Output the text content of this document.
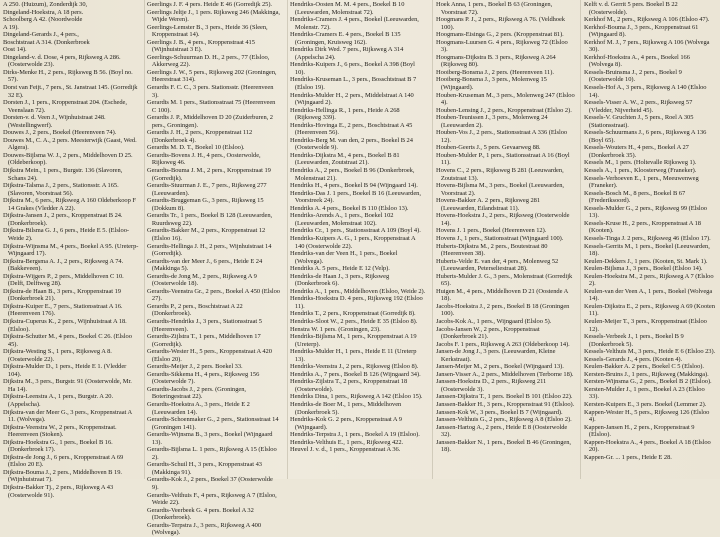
A 250. (Huizum), Zonderdijk 30,

Dingeland-Hoekstra, A 18 pers.

Schoolberg A 42. (Noordwolde

A 19).

Dingeland-Gerards J., 4 pers.,

Boschtstraat A 314. (Donkerbroek

Oost 14).

Dingeland-v. d. Dose, 4 pers, Rijksweg A 286. (Oosterwolde 23).

Dirks-Menke H., 2 pers., Rijksweg B 56. (Boyl no. 57).

Dorst van Feijt., 7 pers., St. Janstraat 145. (Gorredijk 32 E).

Dorsten J., 1 pers., Kroppenstraat 204. (Eschede, Veenslaan 72).

Dorsten-v. d. Veen J., Wijnhuistraat 248. (Westellingwerf).

Douwes J., 2 pers., Boekel (Heerenveen 74).

Douwes M., C. A., 2 pers. Meesterwijk (Gaast, Wed. Algera).

Douwes-Bijlsma W. J., 2 pers., Middelhoven D 25. (Oldeberkoop).

Dijkstra Mein., 1 pers., Burgstr. 136 (Slavoren, Schans 24).

Dijkstra-Talsma J., 2 pers., Stationsstr. A 165. (Slavoren, Voorstraat 56).

Dijkstra M., 6 pers., Rijksweg A 160 Oldeberkoop F 14 Grakes (Vledder A 22).

Dijkstra-Jansen J., 2 pers., Kroppenstraat B 24. (Donkerbroek).

Dijkstra-Bilsma G. J., 6 pers., Heide E 5. (Elsloo-Weide 2).

Dijkstra-Wijnsma M., 4 pers., Boekel A 95. (Ureterp-Wijngaard 17).

Dijkstra-Bergsma A. J., 2 pers., Rijksweg A 74. (Bakkeveen).

Dijkstra-Wijgers P., 2 pers., Middelhoven C 10. (Delft, Delftweg 28).

Dijkstra-de Haan B., 3 pers., Kroppenstraat 19 (Donkerbroek 21).

Dijkstra-Kuiper E., 7 pers., Stationsstraat A 16. (Heerenveen 176).

Dijkstra-Cuperus K., 2 pers., Wijnhuistraat A 18. (Elsloo).

Dijkstra-Schutter M., 4 pers., Boekel C 26. (Elsloo 45).

Dijkstra-Westing S., 1 pers., Rijksweg A 8. (Oosterwolde 22).

Dijkstra-Mulder D., 1 pers., Heide E 1. (Vledder 104).

Dijkstra M., 3 pers., Burgstr. 91 (Oosterwolde, Mr. Ha 14).

Dijkstra-Leenstra A., 1 pers., Burgstr. A 20. (Appelscha).

Dijkstra-van der Meer G., 3 pers., Kroppenstraat A 11. (Wolvega).

Dijkstra-Veenstra W., 2 pers., Kroppenstraat. Heerenveen (Stoken).

Dijkstra-Hoekstra G., 1 pers., Boekel B 16. (Donkerbroek 17).

Dijkstra-de Jong J., 6 pers., Kroppenstraat A 69 (Elsloo 20 E).

Dijkstra-Bouma J., 2 pers., Middelhoven B 19. (Wijnhuistraat 7).

Dijkstra-Bakker Tj., 2 pers., Rijksweg A 43 (Oosterwolde 91).

Geerlings J. F. 4 pers. Heide E 46 (Gorredijk 25).

Geerlings Jeltje J., 1 pers. Rijksweg 246 (Makkinga, Wijde Weren).

Geerlings-Lemster B., 3 pers., Heide 36 (Sleen, Kroppenstraat 14).

Geerlings J. B., 4 pers., Kroppenstraat 415 (Wijnhuistraat 3 E).

Geerlings-Schuurman D. H., 2 pers., 77 (Elsloo, Akkerweg 22).

Geerlings J. W., 5 pers., Rijksweg 202 (Groningen, Heerestraat 314).

Gerardts F. C. C., 3 pers. Stationsstr. (Heerenveen 3).

Gerardts M. 1 pers., Stationsstraat 75 (Heerenveen C 100).

Gerardts J. P., Middelhoven D 20 (Zuiderburen, 2 pers., Groningen).

Gerardts J. H., 2 pers., Kroppenstraat 112 (Donkerbroek 4).

Gerardts M. D. T., Boekel 10 (Elsloo).

Gerardts-Bovens J. H., 4 pers., Oosterwolde, Rijksweg 46.

Gerardts-Bouma J. M., 2 pers., Kroppenstraat 19 (Gorredijk).

Gerardts-Stuurman J. E., 7 pers., Rijksweg 277 (Leeuwarden).

Gerardts-Bruggeman G., 3 pers., Rijksweg 15 (Dokkum 8).

Gerardts Tr., 1 pers., Boekel B 128 (Leeuwarden, Ruurdsweg 22).

Gerardts-Bakker M., 2 pers., Kroppenstraat 12 (Elsloo 16).

Gerardts-Hellinga J. H., 2 pers., Wijnhuistraat 14 (Gorredijk).

Gerardts-van der Meer J., 6 pers., Heide E 24 (Makkinga 5).

Gerardts-de Jong M., 2 pers., Rijksweg A 9 (Oosterwolde 18).

Gerardts-Veenstra Gr., 2 pers., Boekel A 450 (Elsloo 27).

Gerardts P., 2 pers., Boschtstraat A 22 (Donkerbroek).

Gerardts-Hendriks J., 3 pers., Stationsstraat 5 (Heerenveen).

Gerardts-Zijlstra T., 1 pers., Middelhoven 17 (Gorredijk).

Gerardts-Wester H., 5 pers., Kroppenstraat A 420 (Elsloo 20).

Gerardts-Meijer J., 2 pers. Boekel 33.

Gerardts-Sikkema H., 4 pers., Rijksweg 156 (Oosterwolde 7).

Gerardts-Jacobs J., 2 pers. (Groningen, Boteringestraat 22).

Gerardts-Hoekstra A., 3 pers., Heide E 2 (Leeuwarden 14).

Gerardts-Schoenmaker G., 2 pers., Stationsstraat 14 (Groningen 141).

Gerardts-Wijnsma B., 3 pers., Boekel (Wijngaard 13).

Gerardts-Bijlsma L. 1 pers., Rijksweg A 15 (Elsloo 2).

Gerardts-Schuil H., 3 pers., Kroppenstraat 43 (Makkinga 91).

Gerardts-Kok J., 2 pers., Boekel 37 (Oosterwolde 9).

Gerardts-Velthuis F., 4 pers., Rijksweg A 7 (Elsloo, Weide 22).

Gerardts-Veerbeek G. 4 pers. Boekel A 32 (Donkerbroek).

Gerardts-Terpstra J., 3 pers., Rijksweg A 400 (Wolvega).

Hendriks-Oosten M. M. 4 pers., Boekel B 10 (Leeuwarden, Molenstraat 72).

Hendriks-Cramers J. 4 pers., Boekel (Leeuwarden, Molenstr. 72).

Hendriks-Cramers E. 4 pers., Boekel B 135 (Groningen, Kruisweg 162).

Hendriks Dirk Wed. 7 pers., Rijksweg A 314 (Appelscha 24).

Hendriks-Kuipers J., 6 pers., Boekel A 398 (Boyl 10).

Hendriks-Kruseman L., 3 pers., Bosschtstraat B 7 (Elsloo 19).

Hendriks-Mulder H., 2 pers., Middelstraat A 140 (Wijngaard 2).

Hendriks-Hellinga R., 1 pers., Heide A 268 (Rijksweg 339).

Hendriks-Hovinga E., 2 pers., Boschtstraat A 45 (Heerenveen 56).

Hendriks-Berg M. van den, 2 pers., Boekel B 24 (Oosterwolde 9).

Hendriks-Dijkstra M., 4 pers., Boekel B 81 (Leeuwarden, Zoutstraat 21).

Hendriks A., 2 pers., Boekel B 96 (Donkerbroek, Molenstraat 21).

Hendriks H., 4 pers., Boekel B 94 (Wijngaard 14).

Hendriks-Das J. 1 pers., Boekel B 16 (Leeuwarden, Voorstreek 24).

Hendriks A. 4 pers., Boekel B 110 (Elsloo 13).

Hendriks-Arends A., 1 pers., Boekel 102 (Leeuwarden, Molenstraat 102).

Hendriks Cr., 1 pers., Stationsstraat A 109 (Boyl 4).

Hendriks-Kuipers A. G., 1 pers., Kroppenstraat A 140 (Oosterwolde 22).

Hendriks-van der Veen H., 1 pers., Boekel (Wolvega).

Hendriks A. 5 pers., Heide E 12 (Velp).

Hendriks-de Haan J., 3 pers., Rijksweg (Donkerbroek 6).

Hendriks A., 1 pers., Middelhoven (Elsloo, Weide 2).

Hendriks-Hoekstra D. 4 pers., Rijksweg 192 (Elsloo 11).

Hendriks T., 2 pers., Kroppenstraat (Gorredijk 8).

Hendriks-Sloot W., 2 pers., Heide E 35 (Elsloo 8).

Henstra W. 1 pers. (Groningen, 23).

Hendriks-Bijlsma M., 1 pers., Kroppenstraat A 19 (Ureterp).

Hendriks-Mulder H., 1 pers., Heide E 11 (Ureterp 13).

Hendriks-Veenstra J., 2 pers., Rijksweg (Elsloo 8).

Hendriks A., 7 pers., Boekel B 126 (Wijngaard 34).

Hendriks-Zijlstra T., 2 pers., Kroppenstraat 18 (Oosterwolde).

Hendriks Dina, 1 pers., Rijksweg A 142 (Elsloo 15).

Hendriks-de Boer M., 1 pers., Middelhoven (Donkerbroek 5).

Hendriks-Kok G. 2 pers., Kroppenstraat A 9 (Wijngaard).

Hendriks-Terpstra J., 1 pers., Boekel A 19 (Elsloo).

Hendriks-Velthuis E., 1 pers., Rijksweg 422.

Heuvel J. v. d., 1 pers., Kroppenstraat A 36.

Hoek Anna, 1 pers., Boekel B 63 (Groningen, Voorstraat 72).

Hoogmans P. J., 2 pers., Rijksweg A 76. (Veldhoek 100).

Hoogmans-Eisinga G., 2 pers. (Kroppenstraat 81).

Hoogmans-Luursen G. 4 pers., Rijksweg 72 (Elsloo 3).

Hoogmans-Dijkstra B. 3 pers., Rijksweg A 264 (Rijksweg 80).

Hooiberg-Bonsma J., 2 pers. (Heerenveen 11).

Hooiberg-Bonsma J., 3 pers., Molenweg 15 (Wijngaard).

Houben-Kruseman M., 3 pers., Molenweg 247 (Elsloo 4).

Houben-Lensing J., 2 pers., Kroppenstraat (Elsloo 2).

Houben-Teunissen J., 3 pers., Molenweg 24 (Leeuwarden 2).

Houben-Vos J., 2 pers., Stationsstraat A 336 (Elsloo 12).

Houben-Geerts J., 5 pers. Gevaarweg 88.

Houben-Mulder P., 1 pers., Stationsstraat A 16 (Boyl 11).

Hovens C., 2 pers., Rijksweg B 281 (Leeuwarden, Zoutstraat 13).

Hovens-Bijlsma M., 3 pers., Boekel (Leeuwarden, Voorstraat 2).

Hovens-Bakker A. 2 pers., Rijksweg 281 (Leeuwarden, Eilandstraat 11).

Hovens-Hoekstra J., 2 pers., Rijksweg (Oosterwolde 14).

Hovens J. 1 pers., Boekel (Heerenveen 12).

Hovens J., 1 pers., Stationsstraat (Wijngaard 100).

Huberts-Dijkstra M., 2 pers., Boutestraat 80 (Heerenveen 38).

Huberts-Velde E. van der, 4 pers., Molenweg 52 (Leeuwarden, Peterseliestraat 28).

Huberts-Mulder J. G., 3 pers., Molenstraat (Gorredijk 65).

Huigen M., 4 pers., Middelhoven D 21 (Oostende A 18).

Jacobs-Hoekstra J., 2 pers., Boekel B 18 (Groningen 100).

Jacobs-Kok A., 1 pers., Wijngaard (Elsloo 5).

Jacobs-Jansen W., 2 pers., Kroppenstraat (Donkerbroek 21).

Jacobs F. 1 pers., Rijksweg A 263 (Oldeberkoop 14).

Jansen-de Jong J., 3 pers. (Leeuwarden, Kleine Kerkstraat).

Jansen-Meijer M., 2 pers., Boekel (Wijngaard 13).

Jansen-Visser A., 2 pers., Middelhoven (Terborne 18).

Janssen-Hoekstra D., 2 pers., Rijksweg 211 (Oosterwolde 3).

Janssen-Dijkstra T., 1 pers. Boekel B 101 (Elsloo 22).

Janssen-Bakker H., 3 pers., Kroppenstraat 91 (Elsloo).

Janssen-Kok W., 3 pers., Boekel B 7 (Wijngaard).

Janssen-Velthuis G., 2 pers., Rijksweg A 8 (Elsloo 2).

Janssen-Hartog A., 2 pers., Heide E 8 (Oosterwolde 32).

Janssen-Bakker N., 1 pers., Boekel B 46 (Groningen, 18).

Kelft v. d. Gerrit 5 pers. Boekel B 22 (Oosterwolde).

Kerkhof M., 2 pers., Rijksweg A 106 (Elsloo 47).

Kerkhof-Bouma J., 3 pers., Kroppenstraat 61 (Wijngaard 8).

Kerkhof M. J., 7 pers., Rijksweg A 106 (Wolvega 30).

Kerkhof-Hoekstra A., 4 pers., Boekel 166 (Wolvega 8).

Kessels-Bruinsma J., 2 pers., Boekel 9 (Oosterwolde 10).

Kessels-Hof A., 3 pers., Rijksweg A 140 (Elsloo 14).

Kessels-Visser A. W., 2 pers., Rijksweg 57 (Vledder, Nijverheid 45).

Kessels-V. Gruchten J., 5 pers., Roel A 305 (Stationsstraat).

Kessels-Schuurmans J., 6 pers., Rijksweg A 136 (Boyl 65).

Kessels-Wouters H., 4 pers., Boekel A 27 (Donkerbroek 35).

Kessels M., 1 pers. (Holtevalle Rijksweg 1).

Kessels A., 1 pers., Kloosterweg (Franeker).

Kessels-Verhoeven E., 1 pers., Meeuwenweg (Franeker).

Kessels-Bosch M., 8 pers., Boekel B 67 (Frederiksoord).

Kessels-Mulder G., 2 pers., Rijksweg 99 (Elsloo 13).

Kessels-Kruse H., 2 pers., Kroppenstraat A 18 (Kooten).

Kessels-Tinga J. 2 pers., Rijksweg 46 (Elsloo 17).

Kessels-Gerrits M., 1 pers., Boekel (Leeuwarden, 18).

Keulen-Dekkers J., 1 pers. (Kooten, St. Mark 1).

Keulen-Bijlsma J., 3 pers., Boekel (Elsloo 14).

Keulen-Hoekstra M., 2 pers., Rijksweg A 7 (Elsloo 2).

Keulen-van der Veen A., 1 pers., Boekel (Wolvega 14).

Keulen-Dijkstra E., 2 pers., Rijksweg A 69 (Kooten 11).

Keulen-Meijer T., 3 pers., Kroppenstraat (Elsloo 12).

Kessels-Verbeek J., 1 pers., Boekel B 9 (Donkerbroek 5).

Kessels-Velthuis M., 3 pers., Heide E 6 (Elsloo 23).

Kessels-Gerards J., 4 pers. (Kooten 4).

Keulen-Bakker A. 2 pers., Boekel C 5 (Elsloo).

Kersten-Bruins J., 1 pers., Rijksweg (Makkinga).

Kersten-Wijnsma G., 2 pers., Boekel B 2 (Elsloo).

Kersten-Mulder J., 1 pers., Boekel A 23 (Elsloo 33).

Kersten-Kuipers E., 3 pers. Boekel (Lemmer 2).

Kappen-Wester H., 5 pers., Rijksweg 126 (Elsloo 4).

Kappen-Jansen H., 2 pers., Kroppenstraat 9 (Elsloo).

Kappen-Hoekstra A., 4 pers., Boekel A 18 (Elsloo 20).

Kappen-Gr. ... 1 pers., Heide E 28.
